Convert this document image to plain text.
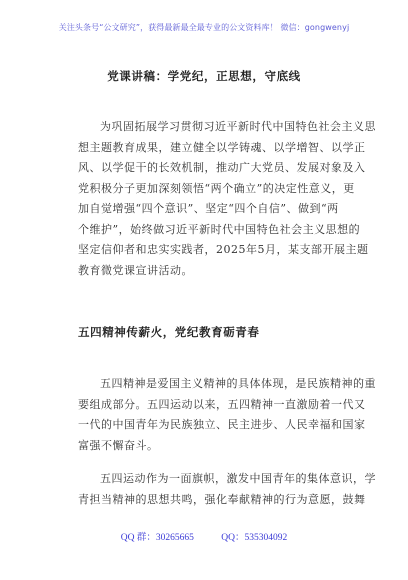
关注头条号“公文研究”，获得最新最全最专业的公文资料库！ 微信：gongwenyj
党课讲稿：学党纪，正思想，守底线

为巩固拓展学习贯彻习近平新时代中国特色社会主义思
想主题教育成果，建立健全以学铸魂、以学增智、以学正
风、以学促干的长效机制，推动广大党员、发展对象及入
党积极分子更加深刻领悟“两个确立”的决定性意义，更
加自觉增强“四个意识”、坚定“四个自信”、做到“两
个维护”，始终做习近平新时代中国特色社会主义思想的
坚定信仰者和忠实实践者，2025年5月，某支部开展主题
教育微党课宣讲活动。

五四精神传薪火，党纪教育砺青春

五四精神是爱国主义精神的具体体现，是民族精神的重
要组成部分。五四运动以来，五四精神一直激励着一代又
一代的中国青年为民族独立、民主进步、人民幸福和国家
富强不懈奋斗。

五四运动作为一面旗帜，激发中国青年的集体意识，学
青担当精神的思想共鸣，强化奉献精神的行为意愿，鼓舞

QQ 群：30265665	QQ：535304092
